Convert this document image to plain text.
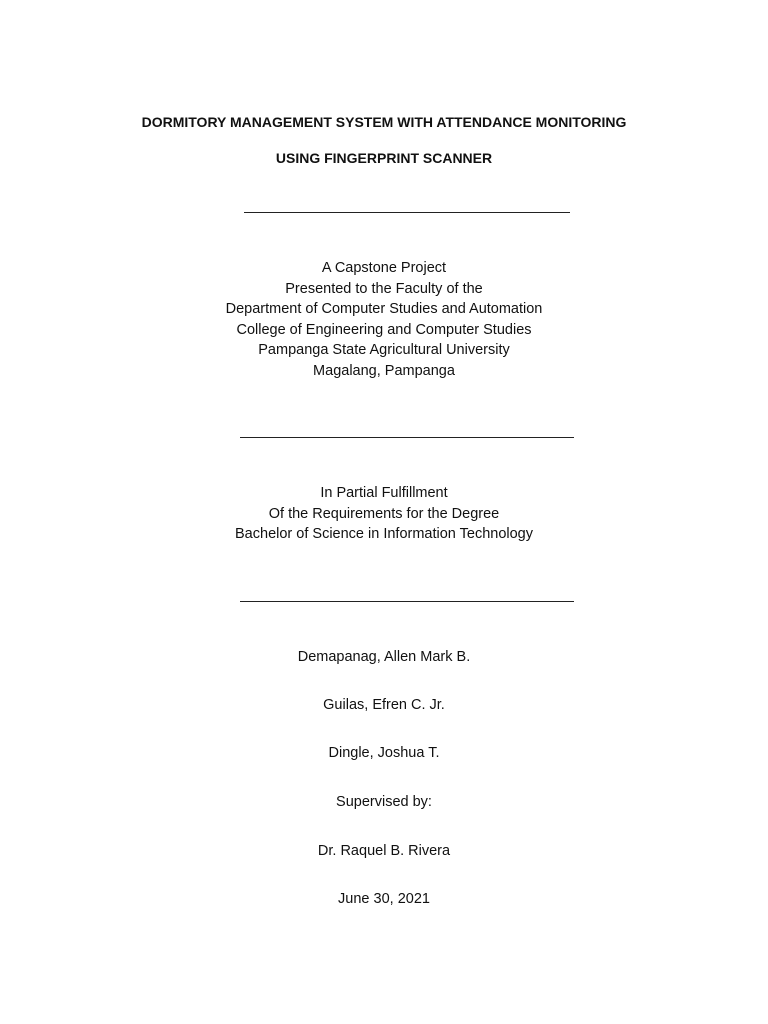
DORMITORY MANAGEMENT SYSTEM WITH ATTENDANCE MONITORING
USING FINGERPRINT SCANNER
A Capstone Project
Presented to the Faculty of the
Department of Computer Studies and Automation
College of Engineering and Computer Studies
Pampanga State Agricultural University
Magalang, Pampanga
In Partial Fulfillment
Of the Requirements for the Degree
Bachelor of Science in Information Technology
Demapanag, Allen Mark B.
Guilas, Efren C. Jr.
Dingle, Joshua T.
Supervised by:
Dr. Raquel B. Rivera
June 30, 2021
